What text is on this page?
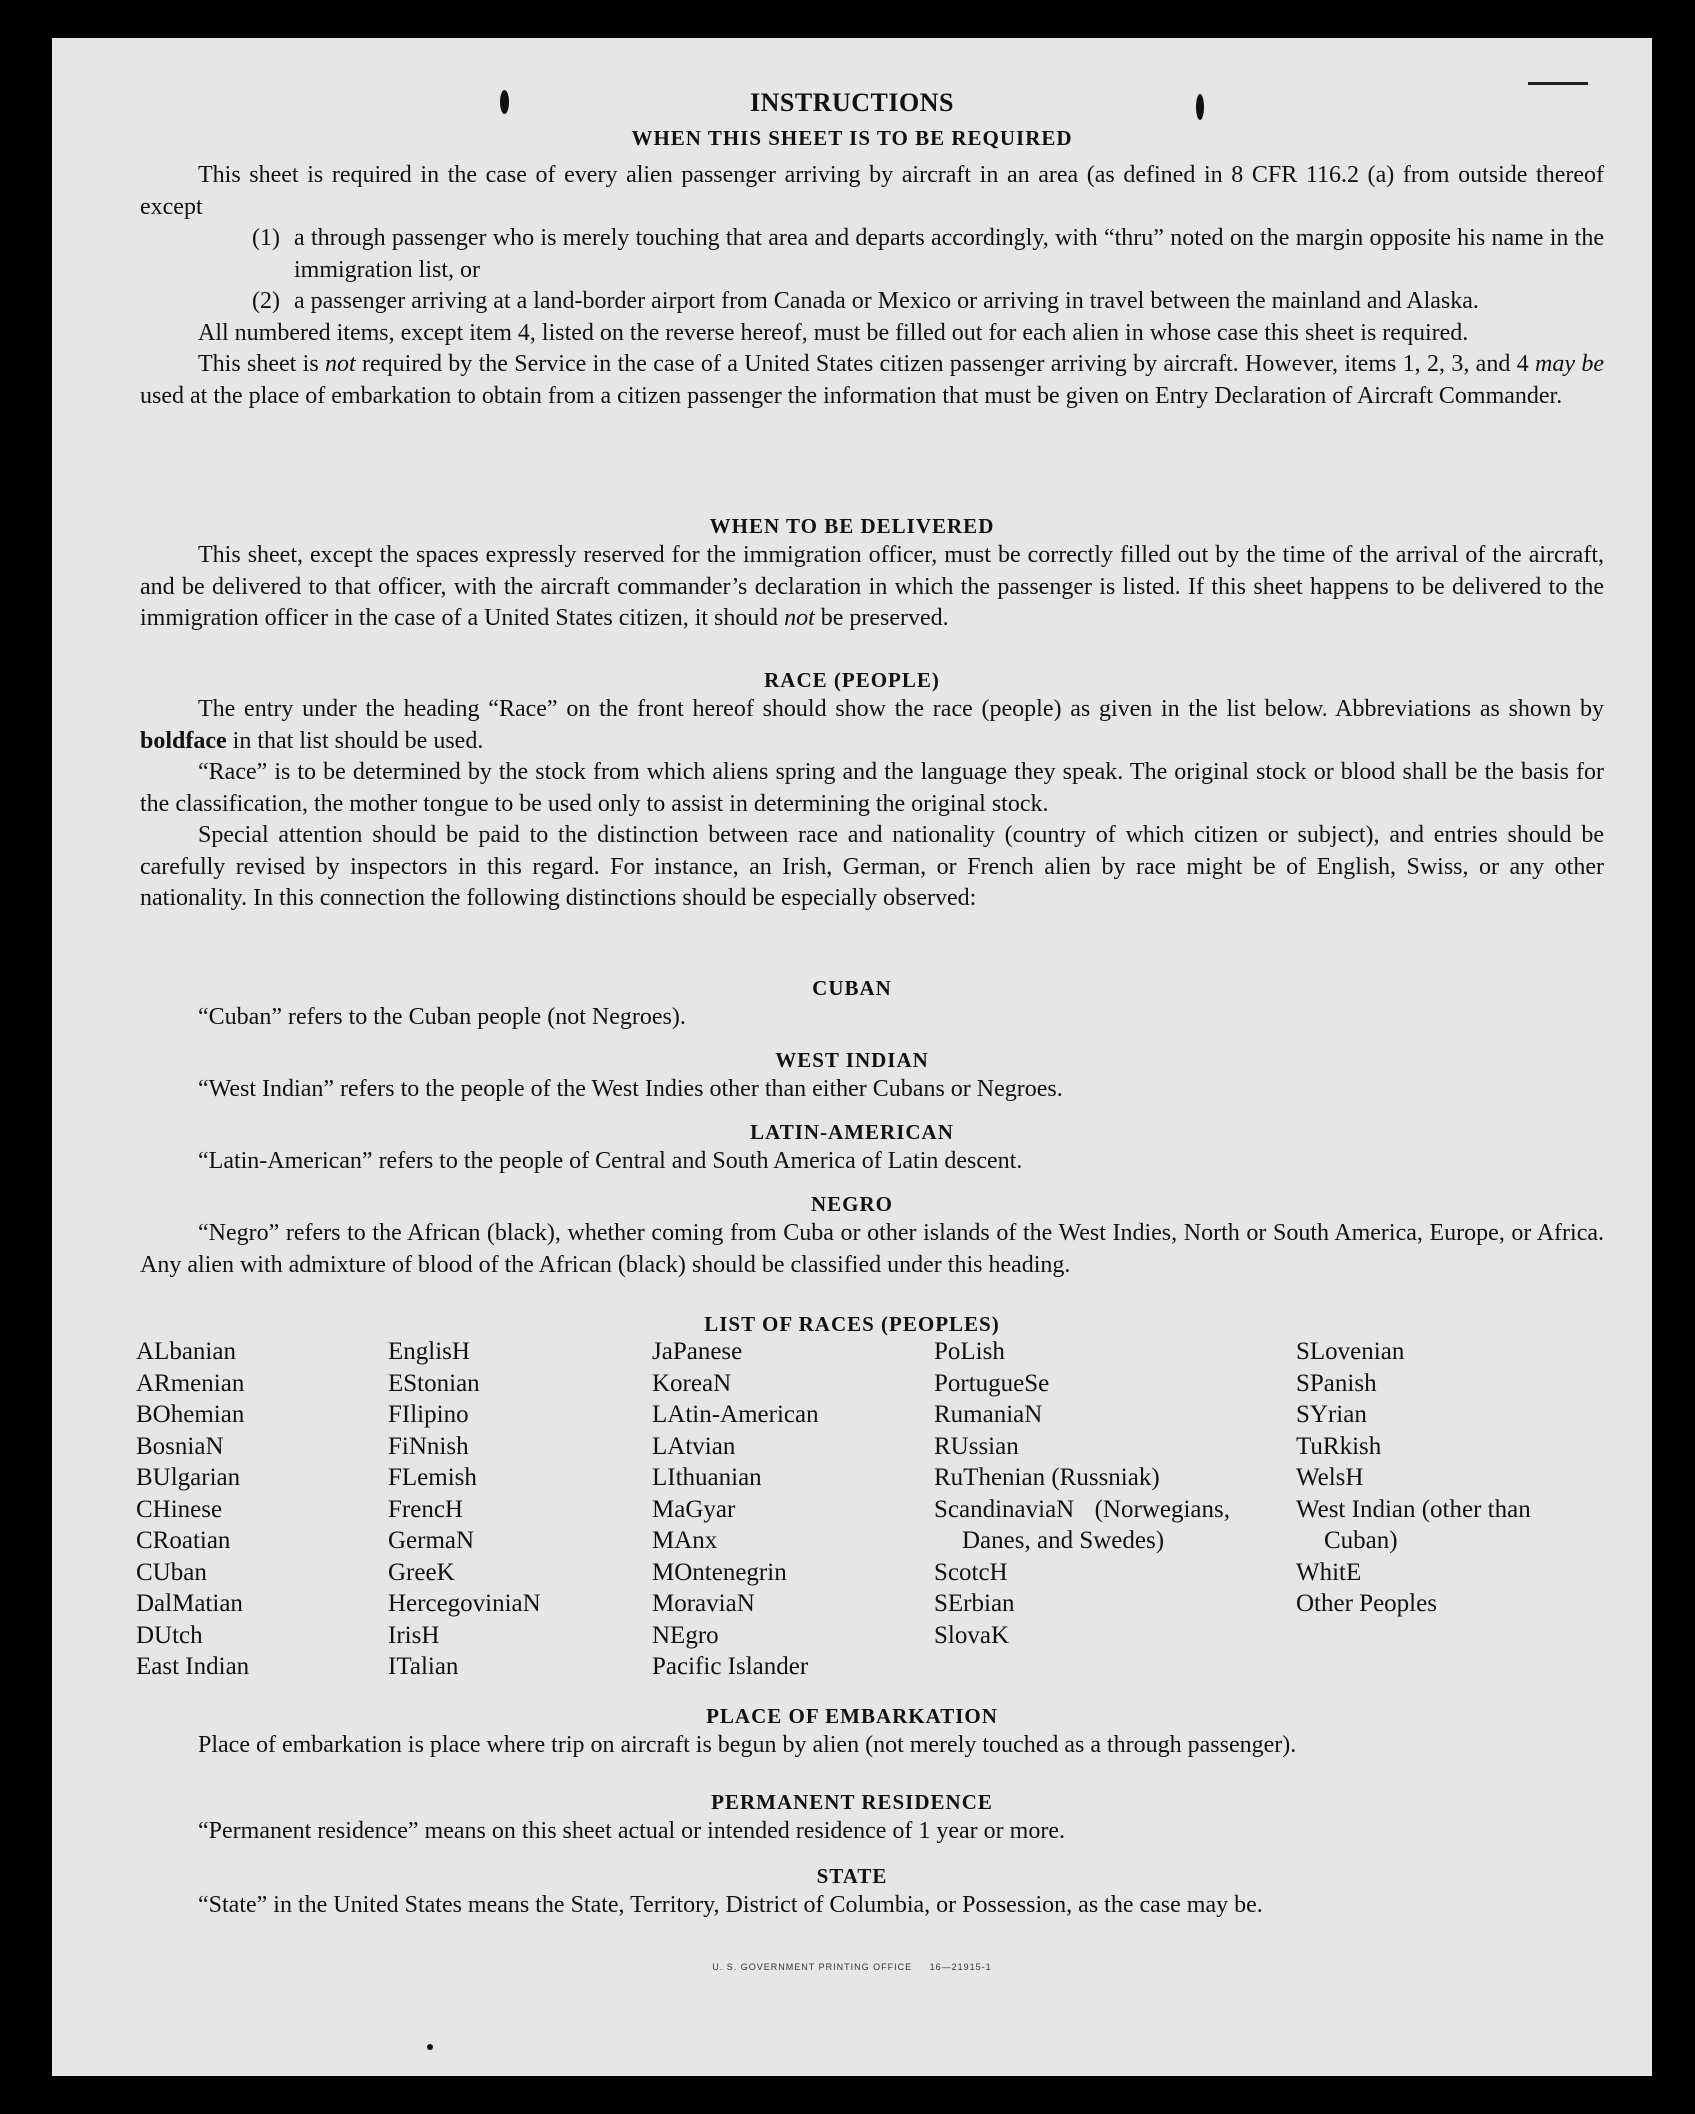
INSTRUCTIONS
WHEN THIS SHEET IS TO BE REQUIRED
This sheet is required in the case of every alien passenger arriving by aircraft in an area (as defined in 8 CFR 116.2 (a) from outside thereof except
(1) a through passenger who is merely touching that area and departs accordingly, with “thru” noted on the margin opposite his name in the immigration list, or
(2) a passenger arriving at a land-border airport from Canada or Mexico or arriving in travel between the mainland and Alaska.
All numbered items, except item 4, listed on the reverse hereof, must be filled out for each alien in whose case this sheet is required.
This sheet is not required by the Service in the case of a United States citizen passenger arriving by aircraft. However, items 1, 2, 3, and 4 may be used at the place of embarkation to obtain from a citizen passenger the information that must be given on Entry Declaration of Aircraft Commander.
WHEN TO BE DELIVERED
This sheet, except the spaces expressly reserved for the immigration officer, must be correctly filled out by the time of the arrival of the aircraft, and be delivered to that officer, with the aircraft commander’s declaration in which the passenger is listed. If this sheet happens to be delivered to the immigration officer in the case of a United States citizen, it should not be preserved.
RACE (PEOPLE)
The entry under the heading “Race” on the front hereof should show the race (people) as given in the list below. Abbreviations as shown by boldface in that list should be used.
“Race” is to be determined by the stock from which aliens spring and the language they speak. The original stock or blood shall be the basis for the classification, the mother tongue to be used only to assist in determining the original stock.
Special attention should be paid to the distinction between race and nationality (country of which citizen or subject), and entries should be carefully revised by inspectors in this regard. For instance, an Irish, German, or French alien by race might be of English, Swiss, or any other nationality. In this connection the following distinctions should be especially observed:
CUBAN
“Cuban” refers to the Cuban people (not Negroes).
WEST INDIAN
“West Indian” refers to the people of the West Indies other than either Cubans or Negroes.
LATIN-AMERICAN
“Latin-American” refers to the people of Central and South America of Latin descent.
NEGRO
“Negro” refers to the African (black), whether coming from Cuba or other islands of the West Indies, North or South America, Europe, or Africa. Any alien with admixture of blood of the African (black) should be classified under this heading.
LIST OF RACES (PEOPLES)
ALbanian
ARmenian
BOhemian
BosniaN
BUlgarian
CHinese
CRoatian
CUban
DalMatian
DUtch
East Indian
EnglisH
EStonian
FIlipino
FiNnish
FLemish
FrencH
GermaN
GreeK
HercegoviniaN
IrisH
ITalian
JaPanese
KoreaN
LAtin-American
LAtvian
LIthuanian
MaGyar
MAnx
MOntenegrin
MoraviaN
NEgro
Pacific Islander
PoLish
PortugueSe
RumaniaN
RUssian
RuThenian (Russniak)
ScandinaviaN (Norwegians, Danes, and Swedes)
ScotcH
SErbian
SlovaK
SLovenian
SPanish
SYrian
TuRkish
WelsH
West Indian (other than Cuban)
WhitE
Other Peoples
PLACE OF EMBARKATION
Place of embarkation is place where trip on aircraft is begun by alien (not merely touched as a through passenger).
PERMANENT RESIDENCE
“Permanent residence” means on this sheet actual or intended residence of 1 year or more.
STATE
“State” in the United States means the State, Territory, District of Columbia, or Possession, as the case may be.
U. S. GOVERNMENT PRINTING OFFICE     16—21915-1
